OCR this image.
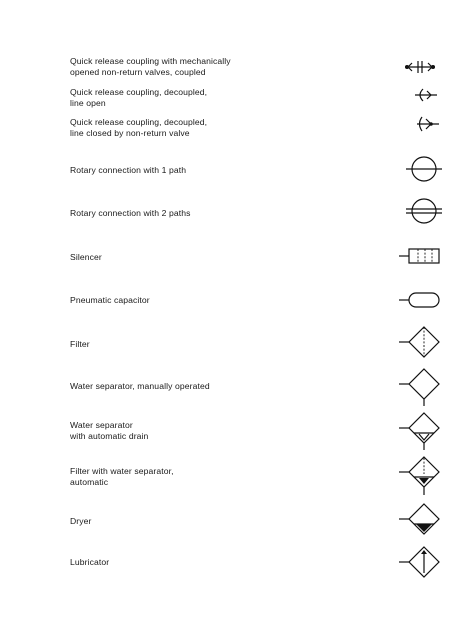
Quick release coupling with mechanically
opened non-return valves, coupled
Quick release coupling, decoupled,
line open
Quick release coupling, decoupled,
line closed by non-return valve
Rotary connection with 1 path
Rotary connection with 2 paths
Silencer
Pneumatic capacitor
Filter
Water separator, manually operated
Water separator
with automatic drain
Filter with water separator,
automatic
Dryer
Lubricator
